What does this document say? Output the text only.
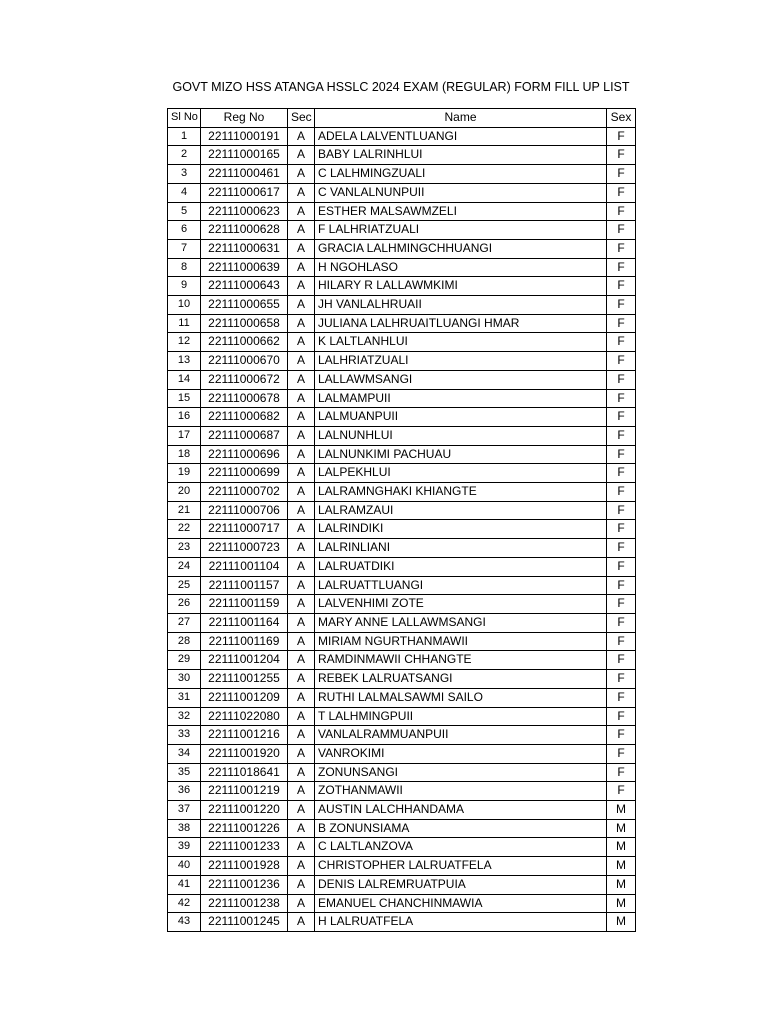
GOVT MIZO HSS ATANGA HSSLC 2024 EXAM (REGULAR) FORM FILL UP LIST
Sl No	Reg No	Sec	Name	Sex
1	22111000191	A	ADELA LALVENTLUANGI	F
2	22111000165	A	BABY LALRINHLUI	F
3	22111000461	A	C LALHMINGZUALI	F
4	22111000617	A	C VANLALNUNPUII	F
5	22111000623	A	ESTHER MALSAWMZELI	F
6	22111000628	A	F LALHRIATZUALI	F
7	22111000631	A	GRACIA LALHMINGCHHUANGI	F
8	22111000639	A	H NGOHLASO	F
9	22111000643	A	HILARY R LALLAWMKIMI	F
10	22111000655	A	JH VANLALHRUAII	F
11	22111000658	A	JULIANA LALHRUAITLUANGI HMAR	F
12	22111000662	A	K LALTLANHLUI	F
13	22111000670	A	LALHRIATZUALI	F
14	22111000672	A	LALLAWMSANGI	F
15	22111000678	A	LALMAMPUII	F
16	22111000682	A	LALMUANPUII	F
17	22111000687	A	LALNUNHLUI	F
18	22111000696	A	LALNUNKIMI PACHUAU	F
19	22111000699	A	LALPEKHLUI	F
20	22111000702	A	LALRAMNGHAKI KHIANGTE	F
21	22111000706	A	LALRAMZAUI	F
22	22111000717	A	LALRINDIKI	F
23	22111000723	A	LALRINLIANI	F
24	22111001104	A	LALRUATDIKI	F
25	22111001157	A	LALRUATTLUANGI	F
26	22111001159	A	LALVENHIMI ZOTE	F
27	22111001164	A	MARY ANNE LALLAWMSANGI	F
28	22111001169	A	MIRIAM NGURTHANMAWII	F
29	22111001204	A	RAMDINMAWII CHHANGTE	F
30	22111001255	A	REBEK LALRUATSANGI	F
31	22111001209	A	RUTHI LALMALSAWMI SAILO	F
32	22111022080	A	T LALHMINGPUII	F
33	22111001216	A	VANLALRAMMUANPUII	F
34	22111001920	A	VANROKIMI	F
35	22111018641	A	ZONUNSANGI	F
36	22111001219	A	ZOTHANMAWII	F
37	22111001220	A	AUSTIN LALCHHANDAMA	M
38	22111001226	A	B ZONUNSIAMA	M
39	22111001233	A	C LALTLANZOVA	M
40	22111001928	A	CHRISTOPHER LALRUATFELA	M
41	22111001236	A	DENIS LALREMRUATPUIA	M
42	22111001238	A	EMANUEL CHANCHINMAWIA	M
43	22111001245	A	H LALRUATFELA	M
